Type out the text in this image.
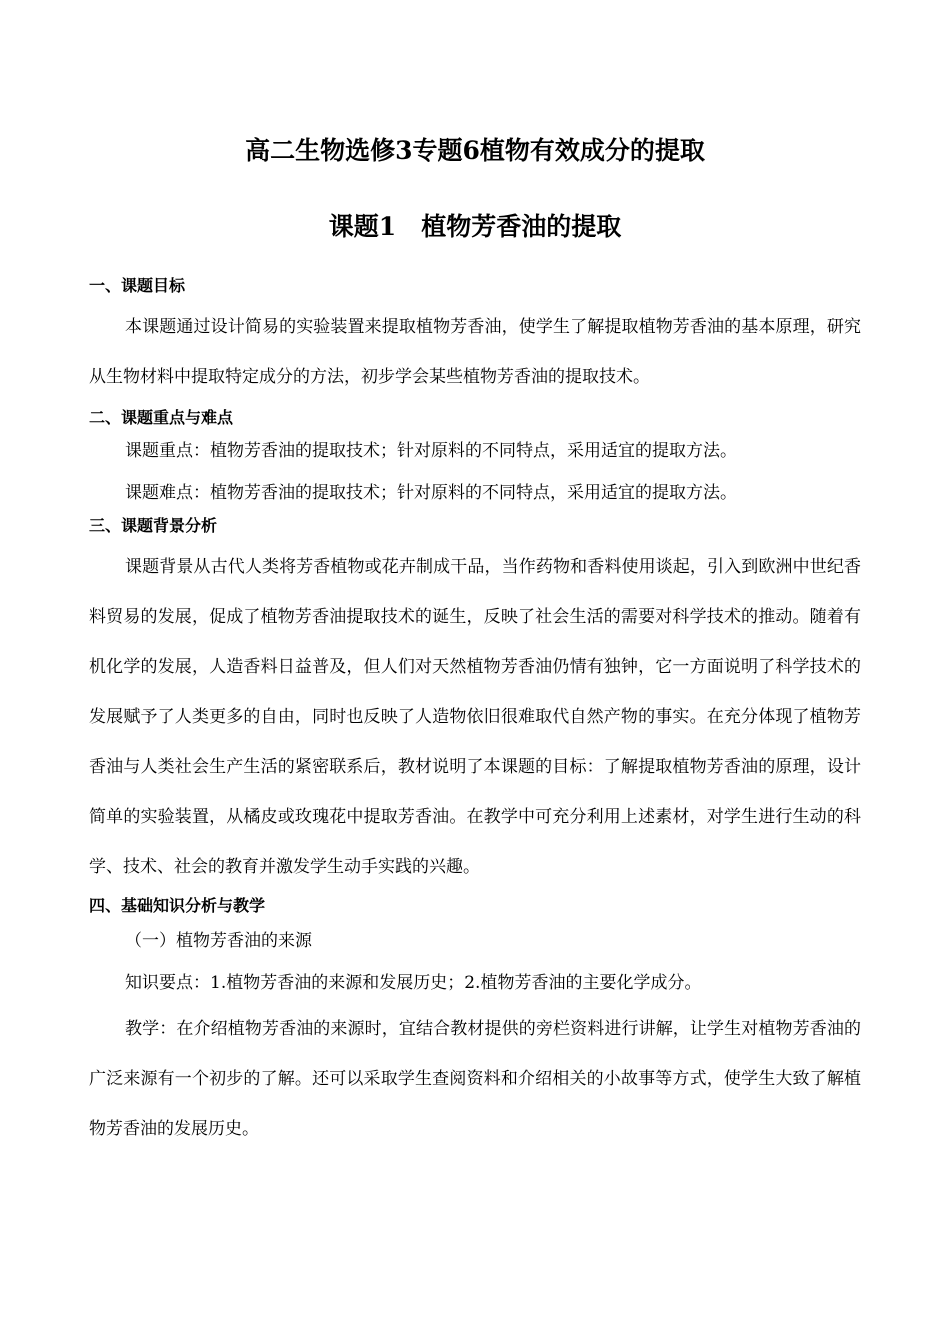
高二生物选修3专题6植物有效成分的提取
课题1　植物芳香油的提取

一、课题目标

本课题通过设计简易的实验装置来提取植物芳香油，使学生了解提取植物芳香油的基本原理，研究从生物材料中提取特定成分的方法，初步学会某些植物芳香油的提取技术。

二、课题重点与难点

课题重点：植物芳香油的提取技术；针对原料的不同特点，采用适宜的提取方法。

课题难点：植物芳香油的提取技术；针对原料的不同特点，采用适宜的提取方法。

三、课题背景分析

课题背景从古代人类将芳香植物或花卉制成干品，当作药物和香料使用谈起，引入到欧洲中世纪香料贸易的发展，促成了植物芳香油提取技术的诞生，反映了社会生活的需要对科学技术的推动。随着有机化学的发展，人造香料日益普及，但人们对天然植物芳香油仍情有独钟，它一方面说明了科学技术的发展赋予了人类更多的自由，同时也反映了人造物依旧很难取代自然产物的事实。在充分体现了植物芳香油与人类社会生产生活的紧密联系后，教材说明了本课题的目标：了解提取植物芳香油的原理，设计简单的实验装置，从橘皮或玫瑰花中提取芳香油。在教学中可充分利用上述素材，对学生进行生动的科学、技术、社会的教育并激发学生动手实践的兴趣。

四、基础知识分析与教学

（一）植物芳香油的来源

知识要点：1.植物芳香油的来源和发展历史；2.植物芳香油的主要化学成分。

教学：在介绍植物芳香油的来源时，宜结合教材提供的旁栏资料进行讲解，让学生对植物芳香油的广泛来源有一个初步的了解。还可以采取学生查阅资料和介绍相关的小故事等方式，使学生大致了解植物芳香油的发展历史。
